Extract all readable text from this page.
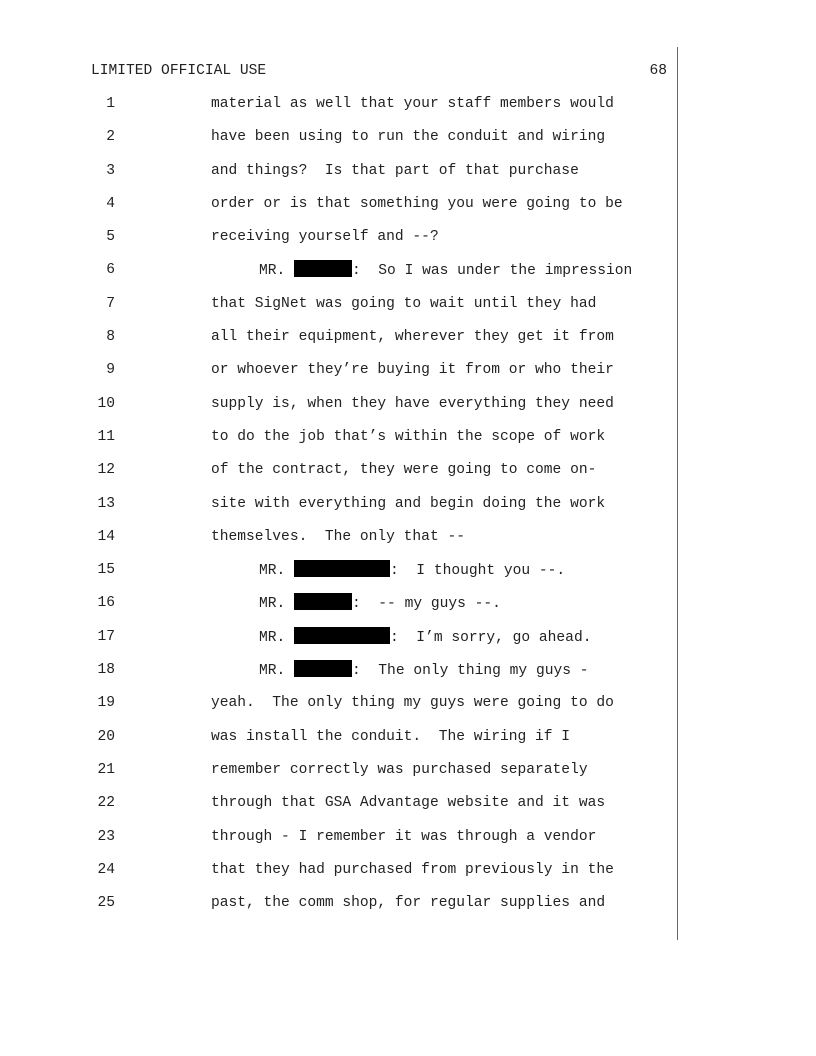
LIMITED OFFICIAL USE	68
1	material as well that your staff members would
2	have been using to run the conduit and wiring
3	and things?  Is that part of that purchase
4	order or is that something you were going to be
5	receiving yourself and --?
6	MR.	:  So I was under the impression
7	that SigNet was going to wait until they had
8	all their equipment, wherever they get it from
9	or whoever they’re buying it from or who their
10	supply is, when they have everything they need
11	to do the job that’s within the scope of work
12	of the contract, they were going to come on-
13	site with everything and begin doing the work
14	themselves.  The only that --
15	MR.	:  I thought you --.
16	MR.	:  -- my guys --.
17	MR.	:  I’m sorry, go ahead.
18	MR.	:  The only thing my guys -
19	yeah.  The only thing my guys were going to do
20	was install the conduit.  The wiring if I
21	remember correctly was purchased separately
22	through that GSA Advantage website and it was
23	through - I remember it was through a vendor
24	that they had purchased from previously in the
25	past, the comm shop, for regular supplies and
